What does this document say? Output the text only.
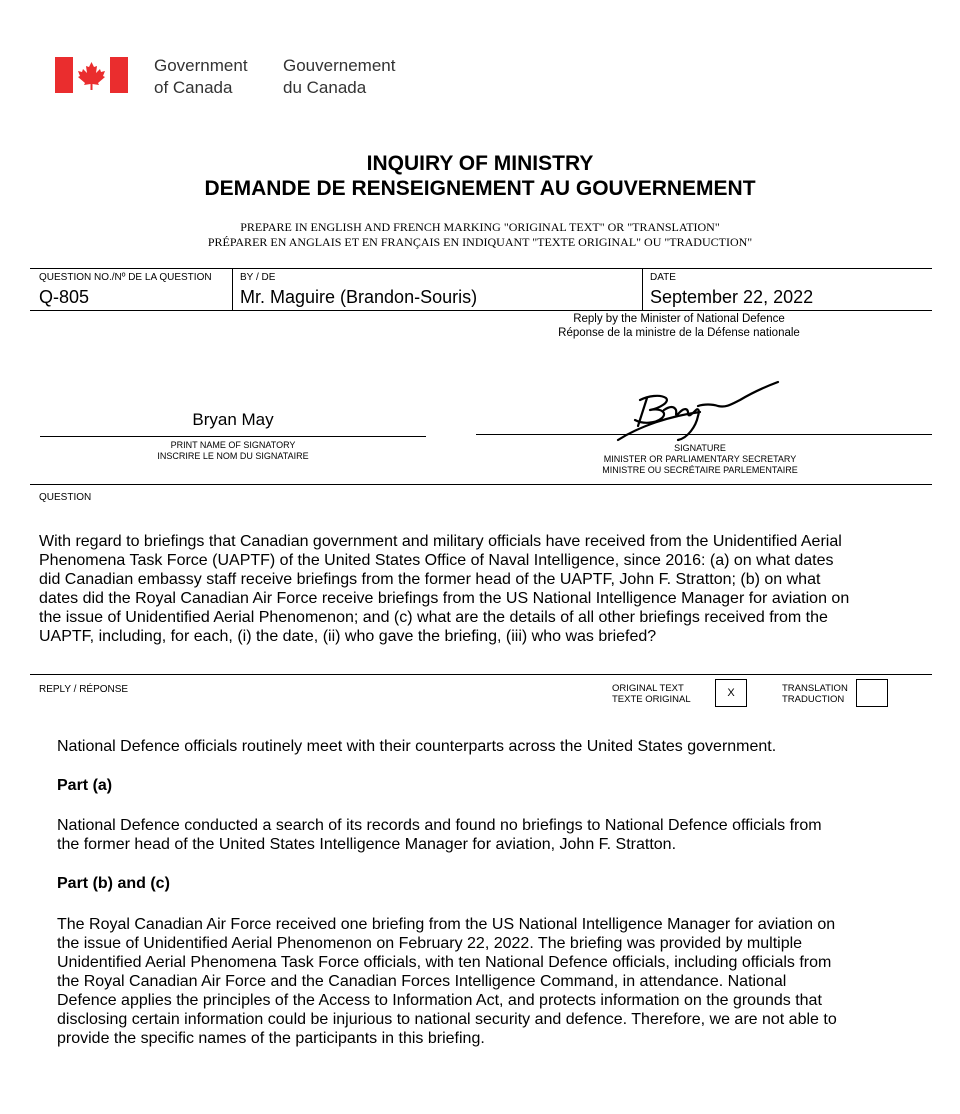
Government
of Canada
Gouvernement
du Canada
INQUIRY OF MINISTRY
DEMANDE DE RENSEIGNEMENT AU GOUVERNEMENT
PREPARE IN ENGLISH AND FRENCH MARKING "ORIGINAL TEXT" OR "TRANSLATION"
PRÉPARER EN ANGLAIS ET EN FRANÇAIS EN INDIQUANT "TEXTE ORIGINAL" OU "TRADUCTION"
QUESTION NO./Nº DE LA QUESTION
Q-805
BY / DE
Mr. Maguire (Brandon-Souris)
DATE
September 22, 2022
Reply by the Minister of National Defence
Réponse de la ministre de la Défense nationale
Bryan May
PRINT NAME OF SIGNATORY
INSCRIRE LE NOM DU SIGNATAIRE
SIGNATURE
MINISTER OR PARLIAMENTARY SECRETARY
MINISTRE OU SECRÉTAIRE PARLEMENTAIRE
QUESTION
With regard to briefings that Canadian government and military officials have received from the Unidentified Aerial
Phenomena Task Force (UAPTF) of the United States Office of Naval Intelligence, since 2016: (a) on what dates
did Canadian embassy staff receive briefings from the former head of the UAPTF, John F. Stratton; (b) on what
dates did the Royal Canadian Air Force receive briefings from the US National Intelligence Manager for aviation on
the issue of Unidentified Aerial Phenomenon; and (c) what are the details of all other briefings received from the
UAPTF, including, for each, (i) the date, (ii) who gave the briefing, (iii) who was briefed?
REPLY / RÉPONSE	ORIGINAL TEXT
TEXTE ORIGINAL
X	TRANSLATION
TRADUCTION
National Defence officials routinely meet with their counterparts across the United States government.
Part (a)
National Defence conducted a search of its records and found no briefings to National Defence officials from
the former head of the United States Intelligence Manager for aviation, John F. Stratton.
Part (b) and (c)
The Royal Canadian Air Force received one briefing from the US National Intelligence Manager for aviation on
the issue of Unidentified Aerial Phenomenon on February 22, 2022. The briefing was provided by multiple
Unidentified Aerial Phenomena Task Force officials, with ten National Defence officials, including officials from
the Royal Canadian Air Force and the Canadian Forces Intelligence Command, in attendance. National
Defence applies the principles of the Access to Information Act, and protects information on the grounds that
disclosing certain information could be injurious to national security and defence. Therefore, we are not able to
provide the specific names of the participants in this briefing.
